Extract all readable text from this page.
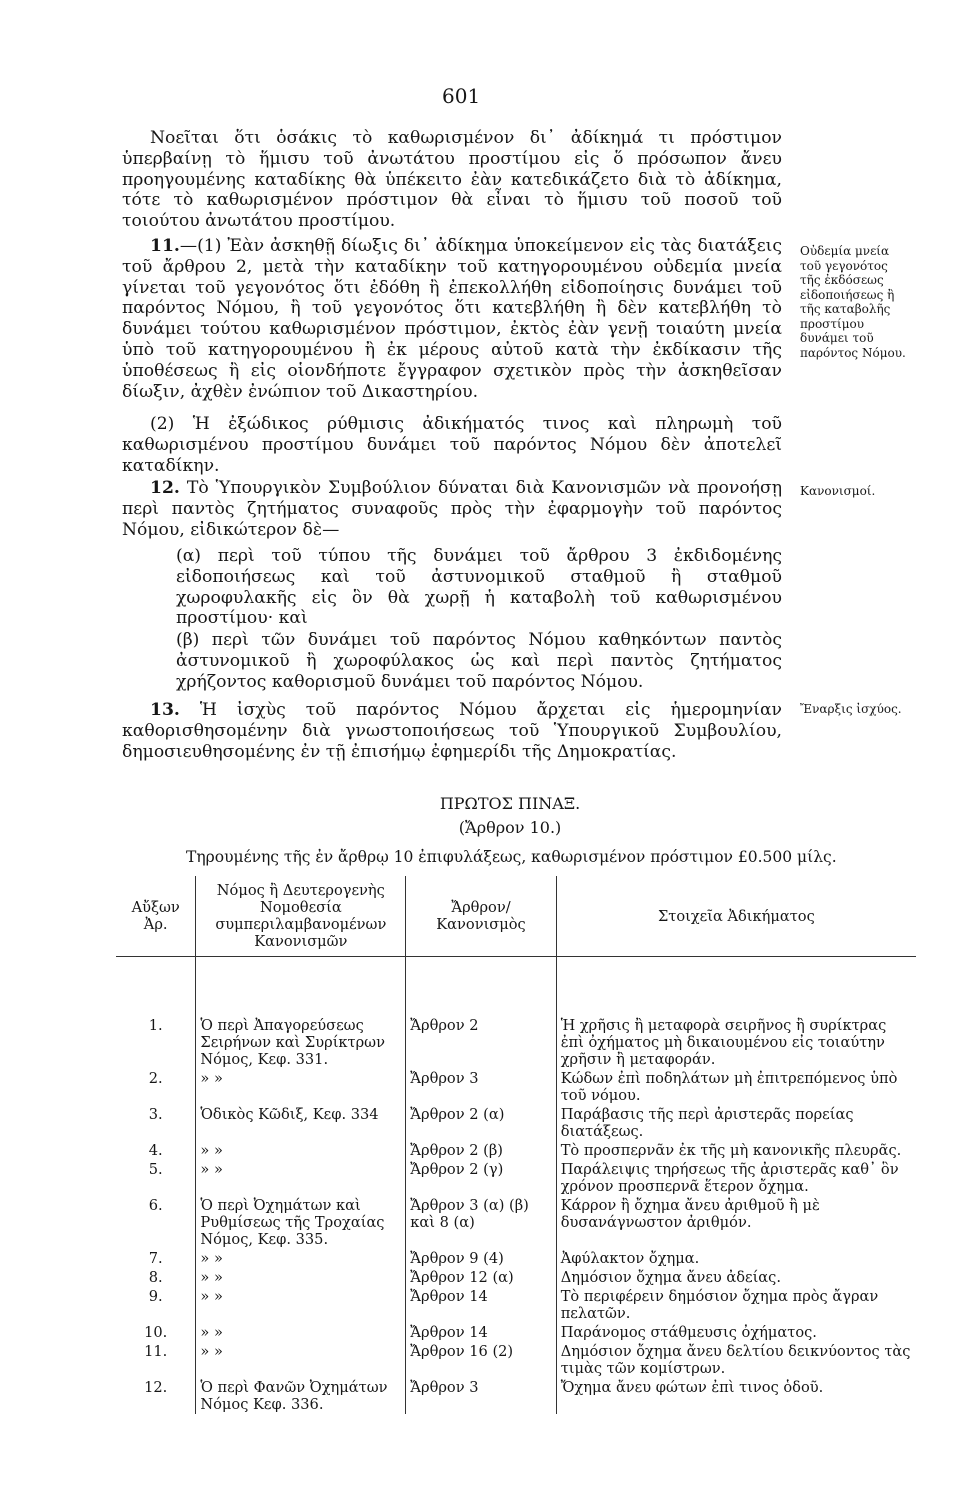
601

Νοεῖται ὅτι ὁσάκις τὸ καθωρισμένον δι᾽ ἀδίκημά τι πρόστιμον ὑπερβαίνῃ τὸ ἥμισυ τοῦ ἀνωτάτου προστίμου εἰς ὅ πρόσωπον ἄνευ προηγουμένης καταδίκης θὰ ὑπέκειτο ἐὰν κατεδικάζετο διὰ τὸ ἀδίκημα, τότε τὸ καθωρισμένον πρόστιμον θὰ εἶναι τὸ ἥμισυ τοῦ ποσοῦ τοῦ τοιούτου ἀνωτάτου προστίμου.

11.—(1) Ἐὰν ἀσκηθῇ δίωξις δι᾽ ἀδίκημα ὑποκείμενον εἰς τὰς διατάξεις τοῦ ἄρθρου 2, μετὰ τὴν καταδίκην τοῦ κατηγορουμένου οὐδεμία μνεία γίνεται τοῦ γεγονότος ὅτι ἐδόθη ἢ ἐπεκολλήθη εἰδοποίησις δυνάμει τοῦ παρόντος Νόμου, ἢ τοῦ γεγονότος ὅτι κατεβλήθη ἢ δὲν κατεβλήθη τὸ δυνάμει τούτου καθωρισμένον πρόστιμον, ἐκτὸς ἐὰν γενῇ τοιαύτη μνεία ὑπὸ τοῦ κατηγορουμένου ἢ ἐκ μέρους αὐτοῦ κατὰ τὴν ἐκδίκασιν τῆς ὑποθέσεως ἢ εἰς οἱονδήποτε ἔγγραφον σχετικὸν πρὸς τὴν ἀσκηθεῖσαν δίωξιν, ἀχθὲν ἐνώπιον τοῦ Δικαστηρίου.

(2) Ἡ ἐξώδικος ρύθμισις ἀδικήματός τινος καὶ πληρωμὴ τοῦ καθωρισμένου προστίμου δυνάμει τοῦ παρόντος Νόμου δὲν ἀποτελεῖ καταδίκην.

12. Τὸ Ὑπουργικὸν Συμβούλιον δύναται διὰ Κανονισμῶν νὰ προνοήσῃ περὶ παντὸς ζητήματος συναφοῦς πρὸς τὴν ἐφαρμογὴν τοῦ παρόντος Νόμου, εἰδικώτερον δὲ—

(α) περὶ τοῦ τύπου τῆς δυνάμει τοῦ ἄρθρου 3 ἐκδιδομένης εἰδοποιήσεως καὶ τοῦ ἀστυνομικοῦ σταθμοῦ ἢ σταθμοῦ χωροφυλακῆς εἰς ὃν θὰ χωρῇ ἡ καταβολὴ τοῦ καθωρισμένου προστίμου· καὶ
(β) περὶ τῶν δυνάμει τοῦ παρόντος Νόμου καθηκόντων παντὸς ἀστυνομικοῦ ἢ χωροφύλακος ὡς καὶ περὶ παντὸς ζητήματος χρήζοντος καθορισμοῦ δυνάμει τοῦ παρόντος Νόμου.

13. Ἡ ἰσχὺς τοῦ παρόντος Νόμου ἄρχεται εἰς ἡμερομηνίαν καθορισθησομένην διὰ γνωστοποιήσεως τοῦ Ὑπουργικοῦ Συμβουλίου, δημοσιευθησομένης ἐν τῇ ἐπισήμῳ ἐφημερίδι τῆς Δημοκρατίας.

Οὐδεμία μνεία τοῦ γεγονότος τῆς ἐκδόσεως εἰδοποιήσεως ἢ τῆς καταβολῆς προστίμου δυνάμει τοῦ παρόντος Νόμου.
Κανονισμοί.
Ἔναρξις ἰσχύος.
ΠΡΩΤΟΣ ΠΙΝΑΞ.
(Ἄρθρον 10.)
Τηρουμένης τῆς ἐν ἄρθρῳ 10 ἐπιφυλάξεως, καθωρισμένον πρόστιμον £0.500 μίλς.
Αὔξων Ἀρ.	Νόμος ἢ Δευτερογενὴς Νομοθεσία συμπεριλαμβανομένων Κανονισμῶν	Ἄρθρον/ Κανονισμὸς	Στοιχεῖα Ἀδικήματος
1.	Ὁ περὶ Ἀπαγορεύσεως Σειρήνων καὶ Συρίκτρων Νόμος, Κεφ. 331.	Ἄρθρον 2	Ἡ χρῆσις ἢ μεταφορὰ σειρῆνος ἢ συρίκτρας ἐπὶ ὀχήματος μὴ δικαιουμένου εἰς τοιαύτην χρῆσιν ἢ μεταφοράν.
2.	» »	Ἄρθρον 3	Κώδων ἐπὶ ποδηλάτων μὴ ἐπιτρεπόμενος ὑπὸ τοῦ νόμου.
3.	Ὁδικὸς Κῶδιξ, Κεφ. 334	Ἄρθρον 2 (α)	Παράβασις τῆς περὶ ἀριστερᾶς πορείας διατάξεως.
4.	» »	Ἄρθρον 2 (β)	Τὸ προσπερνᾶν ἐκ τῆς μὴ κανονικῆς πλευρᾶς.
5.	» »	Ἄρθρον 2 (γ)	Παράλειψις τηρήσεως τῆς ἀριστερᾶς καθ᾽ ὃν χρόνον προσπερνᾶ ἕτερον ὄχημα.
6.	Ὁ περὶ Ὀχημάτων καὶ Ρυθμίσεως τῆς Τροχαίας Νόμος, Κεφ. 335.	Ἄρθρον 3 (α) (β) καὶ 8 (α)	Κάρρον ἢ ὄχημα ἄνευ ἀριθμοῦ ἢ μὲ δυσανάγνωστον ἀριθμόν.
7.	» »	Ἄρθρον 9 (4)	Ἀφύλακτον ὄχημα.
8.	» »	Ἄρθρον 12 (α)	Δημόσιον ὄχημα ἄνευ ἀδείας.
9.	» »	Ἄρθρον 14	Τὸ περιφέρειν δημόσιον ὄχημα πρὸς ἄγραν πελατῶν.
10.	» »	Ἄρθρον 14	Παράνομος στάθμευσις ὀχήματος.
11.	» »	Ἄρθρον 16 (2)	Δημόσιον ὄχημα ἄνευ δελτίου δεικνύοντος τὰς τιμὰς τῶν κομίστρων.
12.	Ὁ περὶ Φανῶν Ὀχημάτων Νόμος Κεφ. 336.	Ἄρθρον 3	Ὄχημα ἄνευ φώτων ἐπὶ τινος ὁδοῦ.
